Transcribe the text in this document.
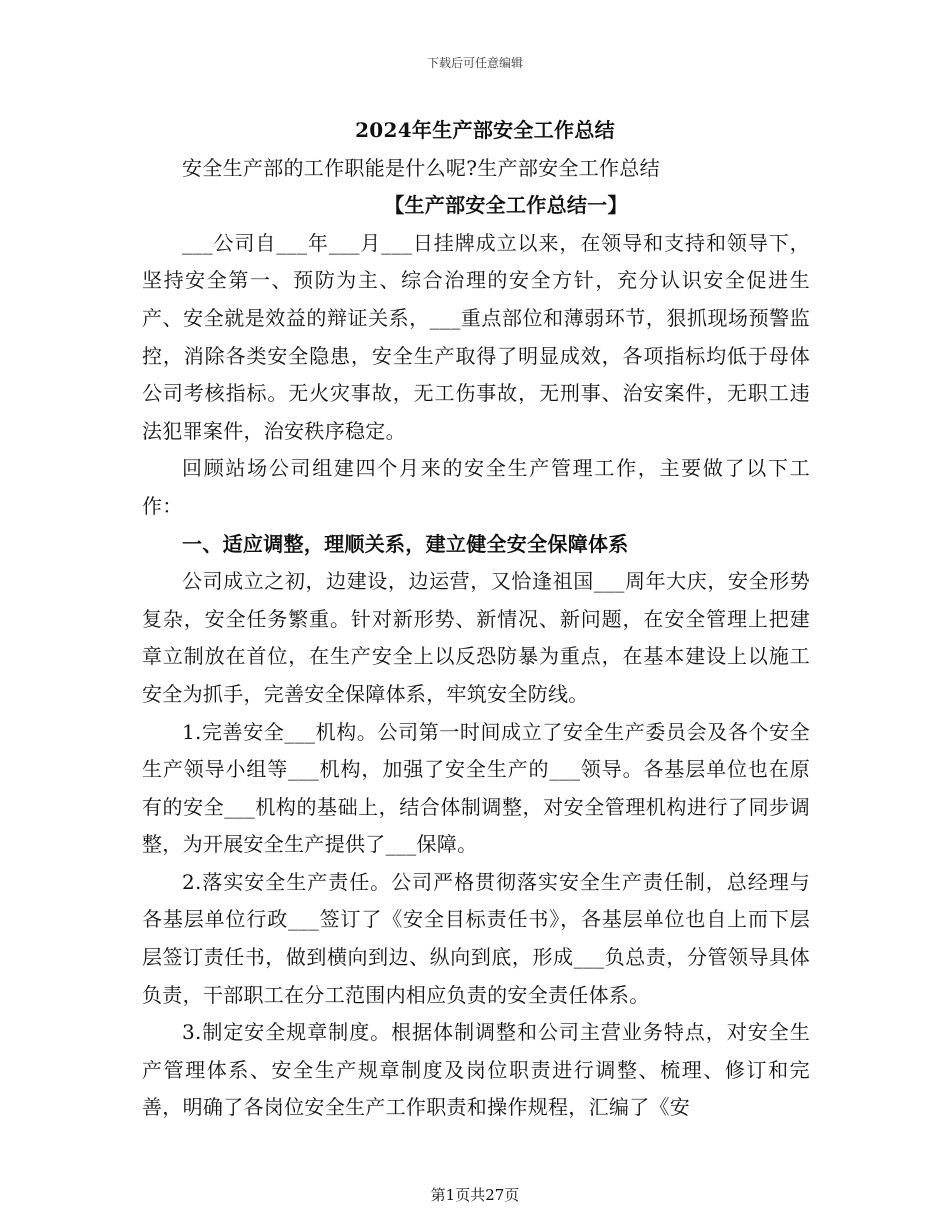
下载后可任意编辑

2024年生产部安全工作总结

安全生产部的工作职能是什么呢?生产部安全工作总结

【生产部安全工作总结一】

___公司自___年___月___日挂牌成立以来，在领导和支持和领导下，坚持安全第一、预防为主、综合治理的安全方针，充分认识安全促进生产、安全就是效益的辩证关系，___重点部位和薄弱环节，狠抓现场预警监控，消除各类安全隐患，安全生产取得了明显成效，各项指标均低于母体公司考核指标。无火灾事故，无工伤事故，无刑事、治安案件，无职工违法犯罪案件，治安秩序稳定。

回顾站场公司组建四个月来的安全生产管理工作，主要做了以下工作：

一、适应调整，理顺关系，建立健全安全保障体系

公司成立之初，边建设，边运营，又恰逢祖国___周年大庆，安全形势复杂，安全任务繁重。针对新形势、新情况、新问题，在安全管理上把建章立制放在首位，在生产安全上以反恐防暴为重点，在基本建设上以施工安全为抓手，完善安全保障体系，牢筑安全防线。

1.完善安全___机构。公司第一时间成立了安全生产委员会及各个安全生产领导小组等___机构，加强了安全生产的___领导。各基层单位也在原有的安全___机构的基础上，结合体制调整，对安全管理机构进行了同步调整，为开展安全生产提供了___保障。

2.落实安全生产责任。公司严格贯彻落实安全生产责任制，总经理与各基层单位行政___签订了《安全目标责任书》，各基层单位也自上而下层层签订责任书，做到横向到边、纵向到底，形成___负总责，分管领导具体负责，干部职工在分工范围内相应负责的安全责任体系。

3.制定安全规章制度。根据体制调整和公司主营业务特点，对安全生产管理体系、安全生产规章制度及岗位职责进行调整、梳理、修订和完善，明确了各岗位安全生产工作职责和操作规程，汇编了《安

第1页共27页
